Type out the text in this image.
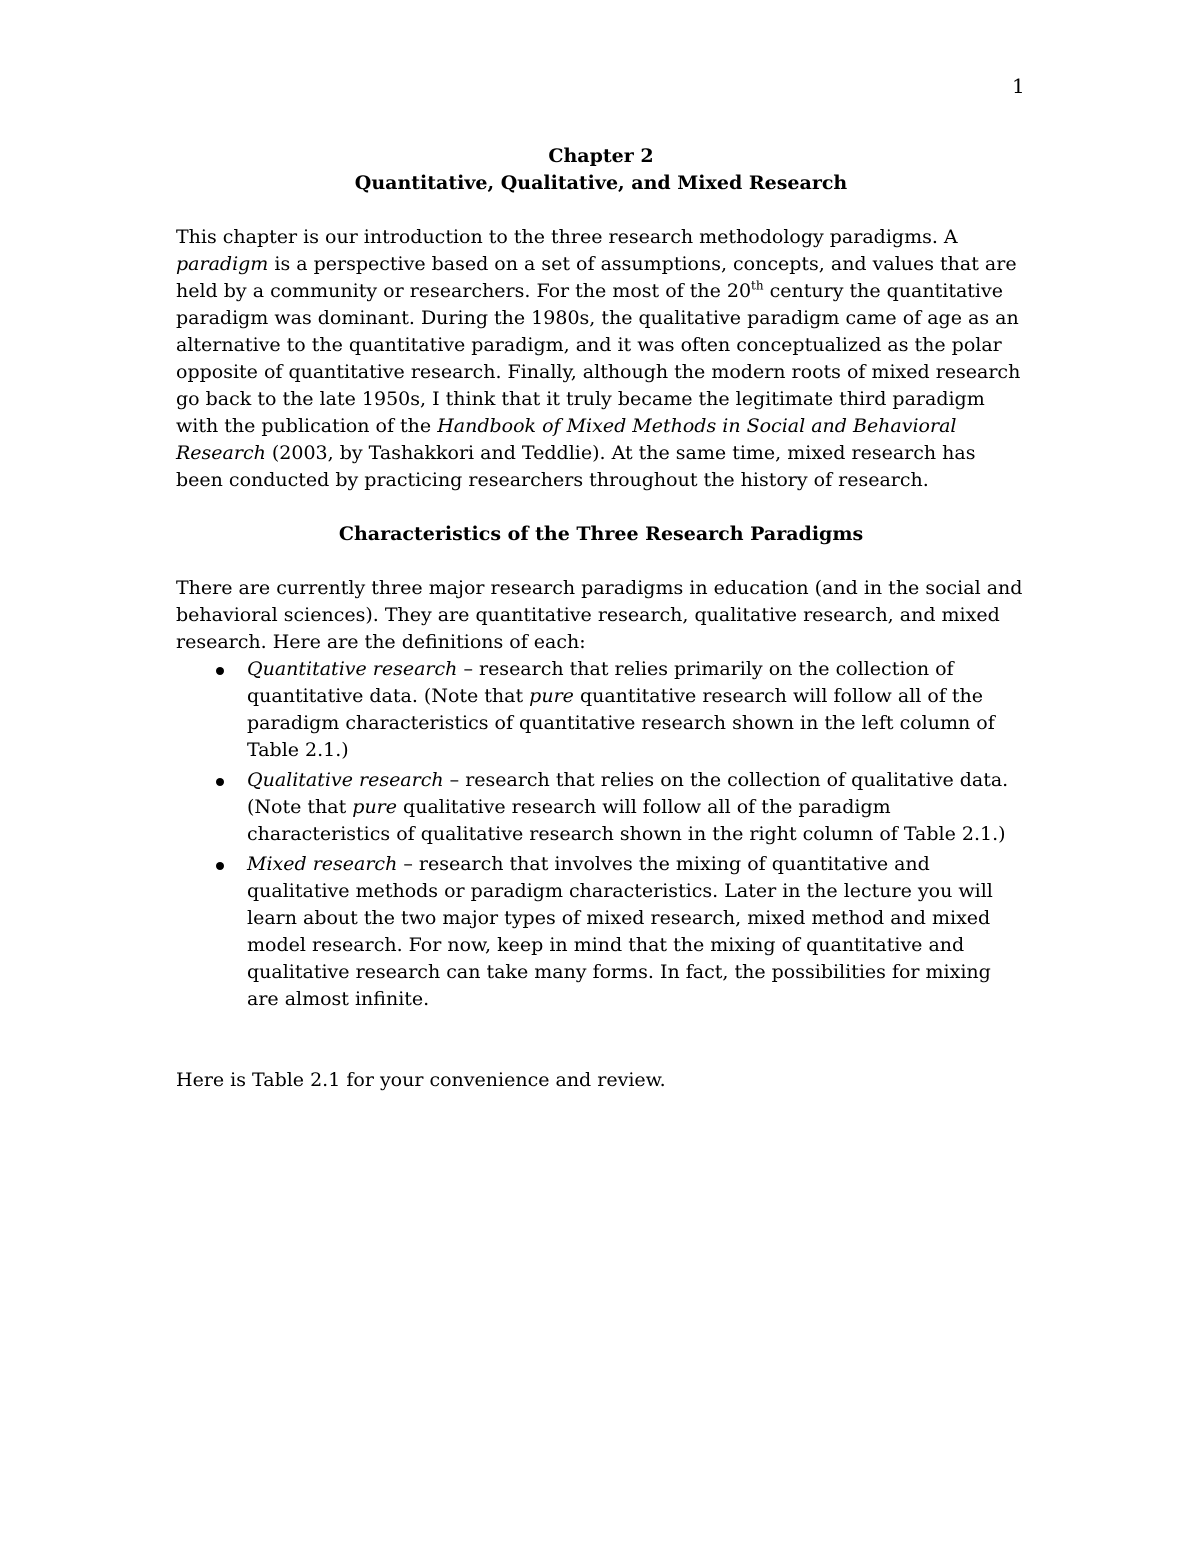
1

Chapter 2

Quantitative, Qualitative, and Mixed Research

This chapter is our introduction to the three research methodology paradigms. A paradigm is a perspective based on a set of assumptions, concepts, and values that are held by a community or researchers. For the most of the 20th century the quantitative paradigm was dominant. During the 1980s, the qualitative paradigm came of age as an alternative to the quantitative paradigm, and it was often conceptualized as the polar opposite of quantitative research. Finally, although the modern roots of mixed research go back to the late 1950s, I think that it truly became the legitimate third paradigm with the publication of the Handbook of Mixed Methods in Social and Behavioral Research (2003, by Tashakkori and Teddlie). At the same time, mixed research has been conducted by practicing researchers throughout the history of research.

Characteristics of the Three Research Paradigms

There are currently three major research paradigms in education (and in the social and behavioral sciences). They are quantitative research, qualitative research, and mixed research. Here are the definitions of each:

Quantitative research – research that relies primarily on the collection of quantitative data. (Note that pure quantitative research will follow all of the paradigm characteristics of quantitative research shown in the left column of Table 2.1.)
Qualitative research – research that relies on the collection of qualitative data. (Note that pure qualitative research will follow all of the paradigm characteristics of qualitative research shown in the right column of Table 2.1.)
Mixed research – research that involves the mixing of quantitative and qualitative methods or paradigm characteristics. Later in the lecture you will learn about the two major types of mixed research, mixed method and mixed model research. For now, keep in mind that the mixing of quantitative and qualitative research can take many forms. In fact, the possibilities for mixing are almost infinite.

Here is Table 2.1 for your convenience and review.
